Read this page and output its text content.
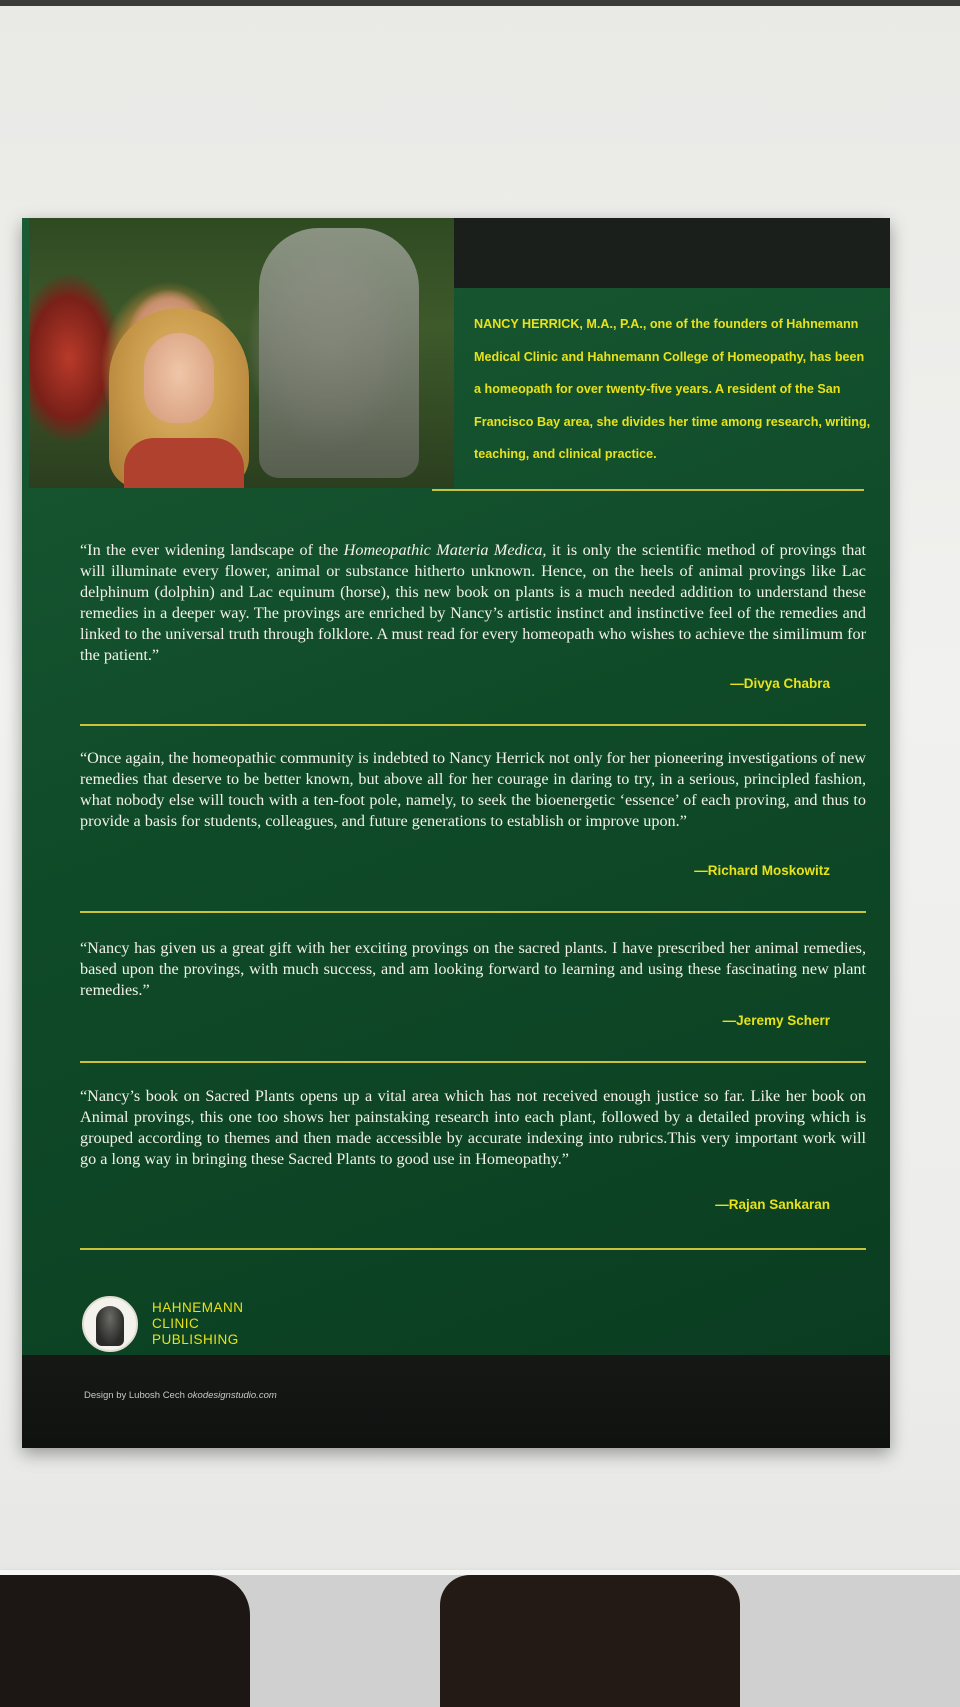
NANCY HERRICK, M.A., P.A., one of the founders of Hahnemann Medical Clinic and Hahnemann College of Homeopathy, has been a homeopath for over twenty-five years. A resident of the San Francisco Bay area, she divides her time among research, writing, teaching, and clinical practice.
“In the ever widening landscape of the Homeopathic Materia Medica, it is only the scientific method of provings that will illuminate every flower, animal or substance hitherto unknown. Hence, on the heels of animal provings like Lac delphinum (dolphin) and Lac equinum (horse), this new book on plants is a much needed addition to understand these remedies in a deeper way. The provings are enriched by Nancy’s artistic instinct and instinctive feel of the remedies and linked to the universal truth through folklore. A must read for every homeopath who wishes to achieve the similimum for the patient.”
—Divya Chabra
“Once again, the homeopathic community is indebted to Nancy Herrick not only for her pioneering investigations of new remedies that deserve to be better known, but above all for her courage in daring to try, in a serious, principled fashion, what nobody else will touch with a ten-foot pole, namely, to seek the bioenergetic ‘essence’ of each proving, and thus to provide a basis for students, colleagues, and future generations to establish or improve upon.”
—Richard Moskowitz
“Nancy has given us a great gift with her exciting provings on the sacred plants. I have prescribed her animal remedies, based upon the provings, with much success, and am looking forward to learning and using these fascinating new plant remedies.”
—Jeremy Scherr
“Nancy’s book on Sacred Plants opens up a vital area which has not received enough justice so far. Like her book on Animal provings, this one too shows her painstaking research into each plant, followed by a detailed proving which is grouped according to themes and then made accessible by accurate indexing into rubrics.This very important work will go a long way in bringing these Sacred Plants to good use in Homeopathy.”
—Rajan Sankaran
HAHNEMANN
CLINIC
PUBLISHING
Design by Lubosh Cech okodesignstudio.com
